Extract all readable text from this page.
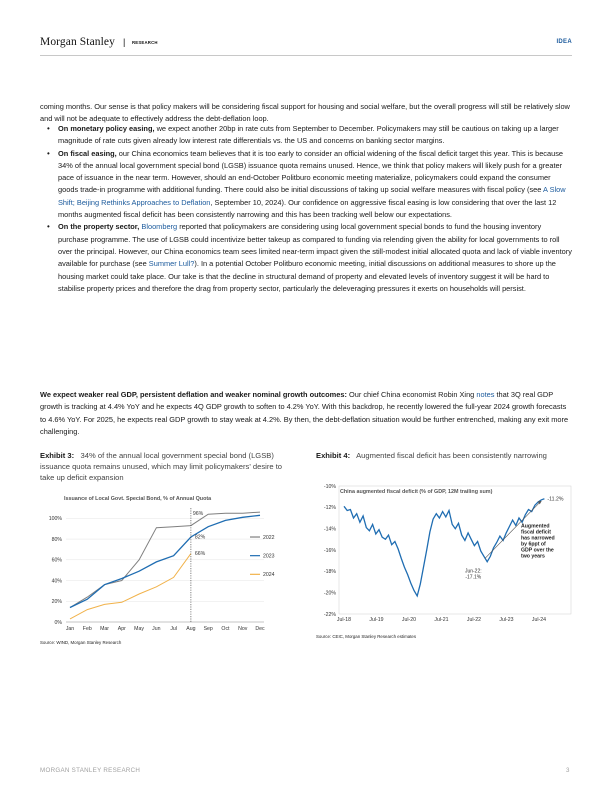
Morgan Stanley | RESEARCH	IDEA

coming months. Our sense is that policy makers will be considering fiscal support for housing and social welfare, but the overall progress will still be relatively slow and will not be adequate to effectively address the debt-deflation loop.

• On monetary policy easing, we expect another 20bp in rate cuts from September to December. Policymakers may still be cautious on taking up a larger magnitude of rate cuts given already low interest rate differentials vs. the US and concerns on banking sector margins.
• On fiscal easing, our China economics team believes that it is too early to consider an official widening of the fiscal deficit target this year. This is because 34% of the annual local government special bond (LGSB) issuance quota remains unused. Hence, we think that policy makers will likely push for a greater pace of issuance in the near term. However, should an end-October Politburo economic meeting materialize, policymakers could expand the consumer goods trade-in programme with additional funding. There could also be initial discussions of taking up social welfare measures with fiscal policy (see A Slow Shift; Beijing Rethinks Approaches to Deflation, September 10, 2024). Our confidence on aggressive fiscal easing is low considering that over the last 12 months augmented fiscal deficit has been consistently narrowing and this has been tracking well below our expectations.
• On the property sector, Bloomberg reported that policymakers are considering using local government special bonds to fund the housing inventory purchase programme. The use of LGSB could incentivize better takeup as compared to funding via relending given the ability for local governments to roll over the principal. However, our China economics team sees limited near-term impact given the still-modest initial allocated quota and lack of viable inventory available for purchase (see Summer Lull?). In a potential October Politburo economic meeting, initial discussions on additional measures to shore up the housing market could take place. Our take is that the decline in structural demand of property and elevated levels of inventory suggest it will be hard to stabilise property prices and therefore the drag from property sector, particularly the deleveraging pressures it exerts on households will persist.

We expect weaker real GDP, persistent deflation and weaker nominal growth outcomes: Our chief China economist Robin Xing notes that 3Q real GDP growth is tracking at 4.4% YoY and he expects 4Q GDP growth to soften to 4.2% YoY. With this backdrop, he recently lowered the full-year 2024 growth forecasts to 4.6% YoY. For 2025, he expects real GDP growth to stay weak at 4.2%. By then, the debt-deflation situation would be further entrenched, making any exit more challenging.

Exhibit 3: 34% of the annual local government special bond (LGSB) issuance quota remains unused, which may limit policymakers' desire to take up deficit expansion
Exhibit 4: Augmented fiscal deficit has been consistently narrowing
Issuance of Local Govt. Special Bond, % of Annual Quota
0%
20%
40%
60%
80%
100%
Jan Feb Mar Apr May Jun Jul Aug Sep Oct Nov Dec
96%
82%
66%
2022
2023
2024
China augmented fiscal deficit (% of GDP, 12M trailing sum)
-10%
-12%
-14%
-16%
-18%
-20%
-22%
Jul-18	Jul-19	Jul-20	Jul-21	Jul-22	Jul-23	Jul-24
Jun-22:
-17.1%
Augmented fiscal deficit has narrowed by 6ppt of GDP over the two years
-11.2%
Source: WIND, Morgan Stanley Research
Source: CEIC, Morgan Stanley Research estimates
MORGAN STANLEY RESEARCH	3
